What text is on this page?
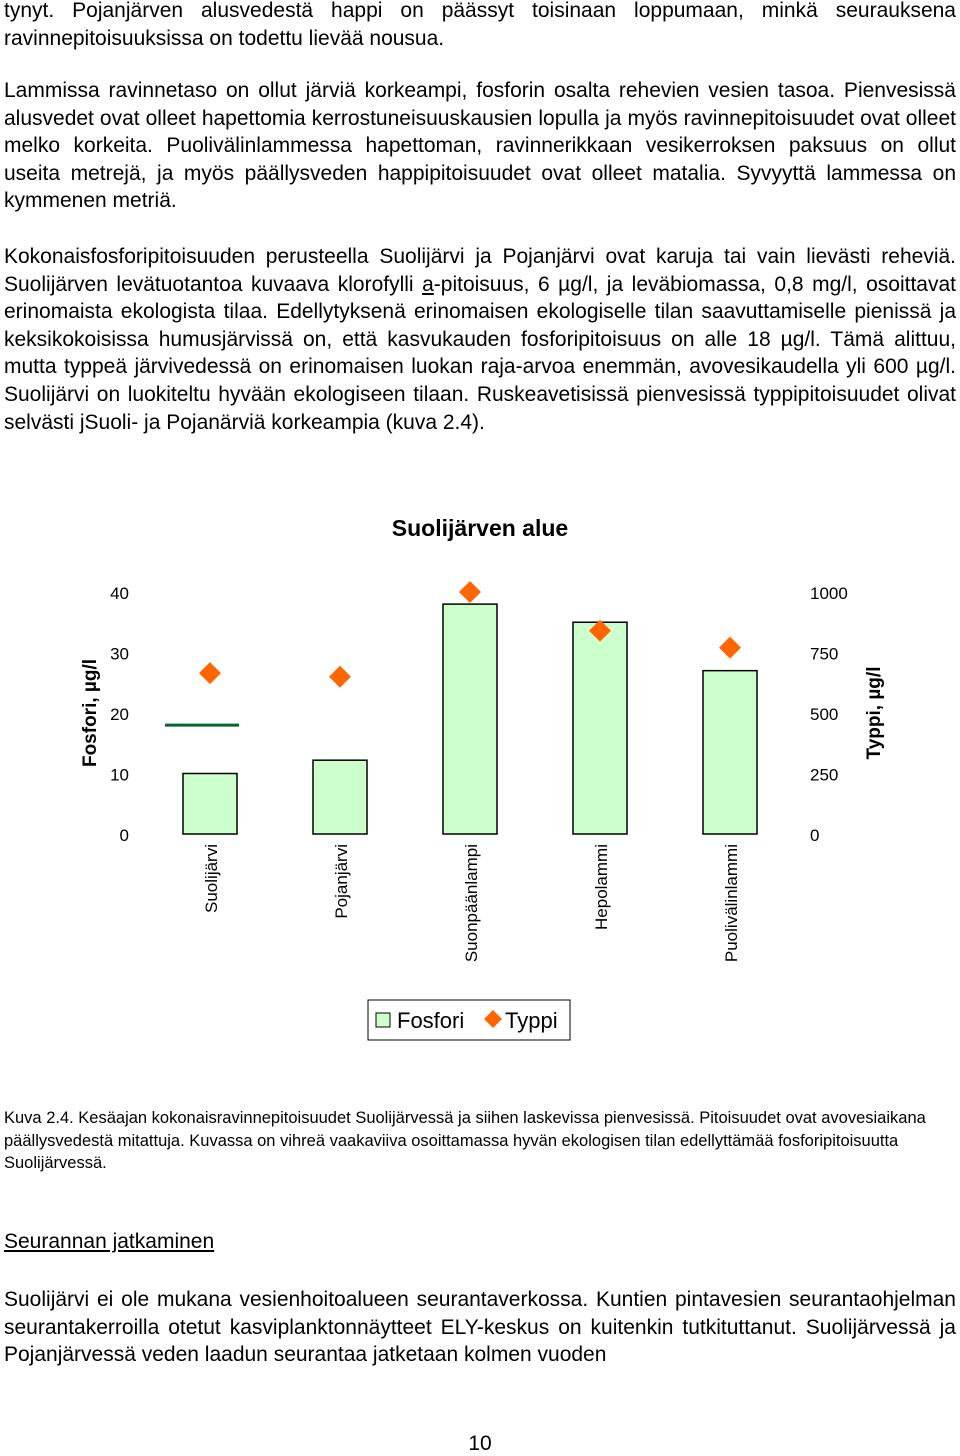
tynyt. Pojanjärven alusvedestä happi on päässyt toisinaan loppumaan, minkä seurauksena ravinnepitoisuuksissa on todettu lievää nousua.

Lammissa ravinnetaso on ollut järviä korkeampi, fosforin osalta rehevien vesien tasoa. Pienvesissä alusvedet ovat olleet hapettomia kerrostuneisuuskausien lopulla ja myös ravinnepitoisuudet ovat olleet melko korkeita. Puolivälinlammessa hapettoman, ravinnerikkaan vesikerroksen paksuus on ollut useita metrejä, ja myös päällysveden happipitoisuudet ovat olleet matalia. Syvyyttä lammessa on kymmenen metriä.

Kokonaisfosforipitoisuuden perusteella Suolijärvi ja Pojanjärvi ovat karuja tai vain lievästi reheviä. Suolijärven levätuotantoa kuvaava klorofylli a-pitoisuus, 6 µg/l, ja leväbiomassa, 0,8 mg/l, osoittavat erinomaista ekologista tilaa. Edellytyksenä erinomaisen ekologiselle tilan saavuttamiselle pienissä ja keksikokoisissa humusjärvissä on, että kasvukauden fosforipitoisuus on alle 18 µg/l. Tämä alittuu, mutta typpeä järvivedessä on erinomaisen luokan raja-arvoa enemmän, avovesikaudella yli 600 µg/l. Suolijärvi on luokiteltu hyvään ekologiseen tilaan. Ruskeavetisissä pienvesissä typpipitoisuudet olivat selvästi jSuoli- ja Pojanärviä korkeampia (kuva 2.4).

Suolijärven alue
0
10
20
30
40
0
250
500
750
1000
Fosfori, µg/l	Typpi, µg/l
Suolijärvi	Pojanjärvi	Suonpäänlampi	Hepolammi	Puolivälinlammi
Fosfori Typpi

Kuva 2.4. Kesäajan kokonaisravinnepitoisuudet Suolijärvessä ja siihen laskevissa pienvesissä. Pitoisuudet ovat avovesiaikana päällysvedestä mitattuja. Kuvassa on vihreä vaakaviiva osoittamassa hyvän ekologisen tilan edellyttämää fosforipitoisuutta Suolijärvessä.

Seurannan jatkaminen

Suolijärvi ei ole mukana vesienhoitoalueen seurantaverkossa. Kuntien pintavesien seurantaohjelman seurantakerroilla otetut kasviplanktonnäytteet ELY-keskus on kuitenkin tutkituttanut. Suolijärvessä ja Pojanjärvessä veden laadun seurantaa jatketaan kolmen vuoden

10
